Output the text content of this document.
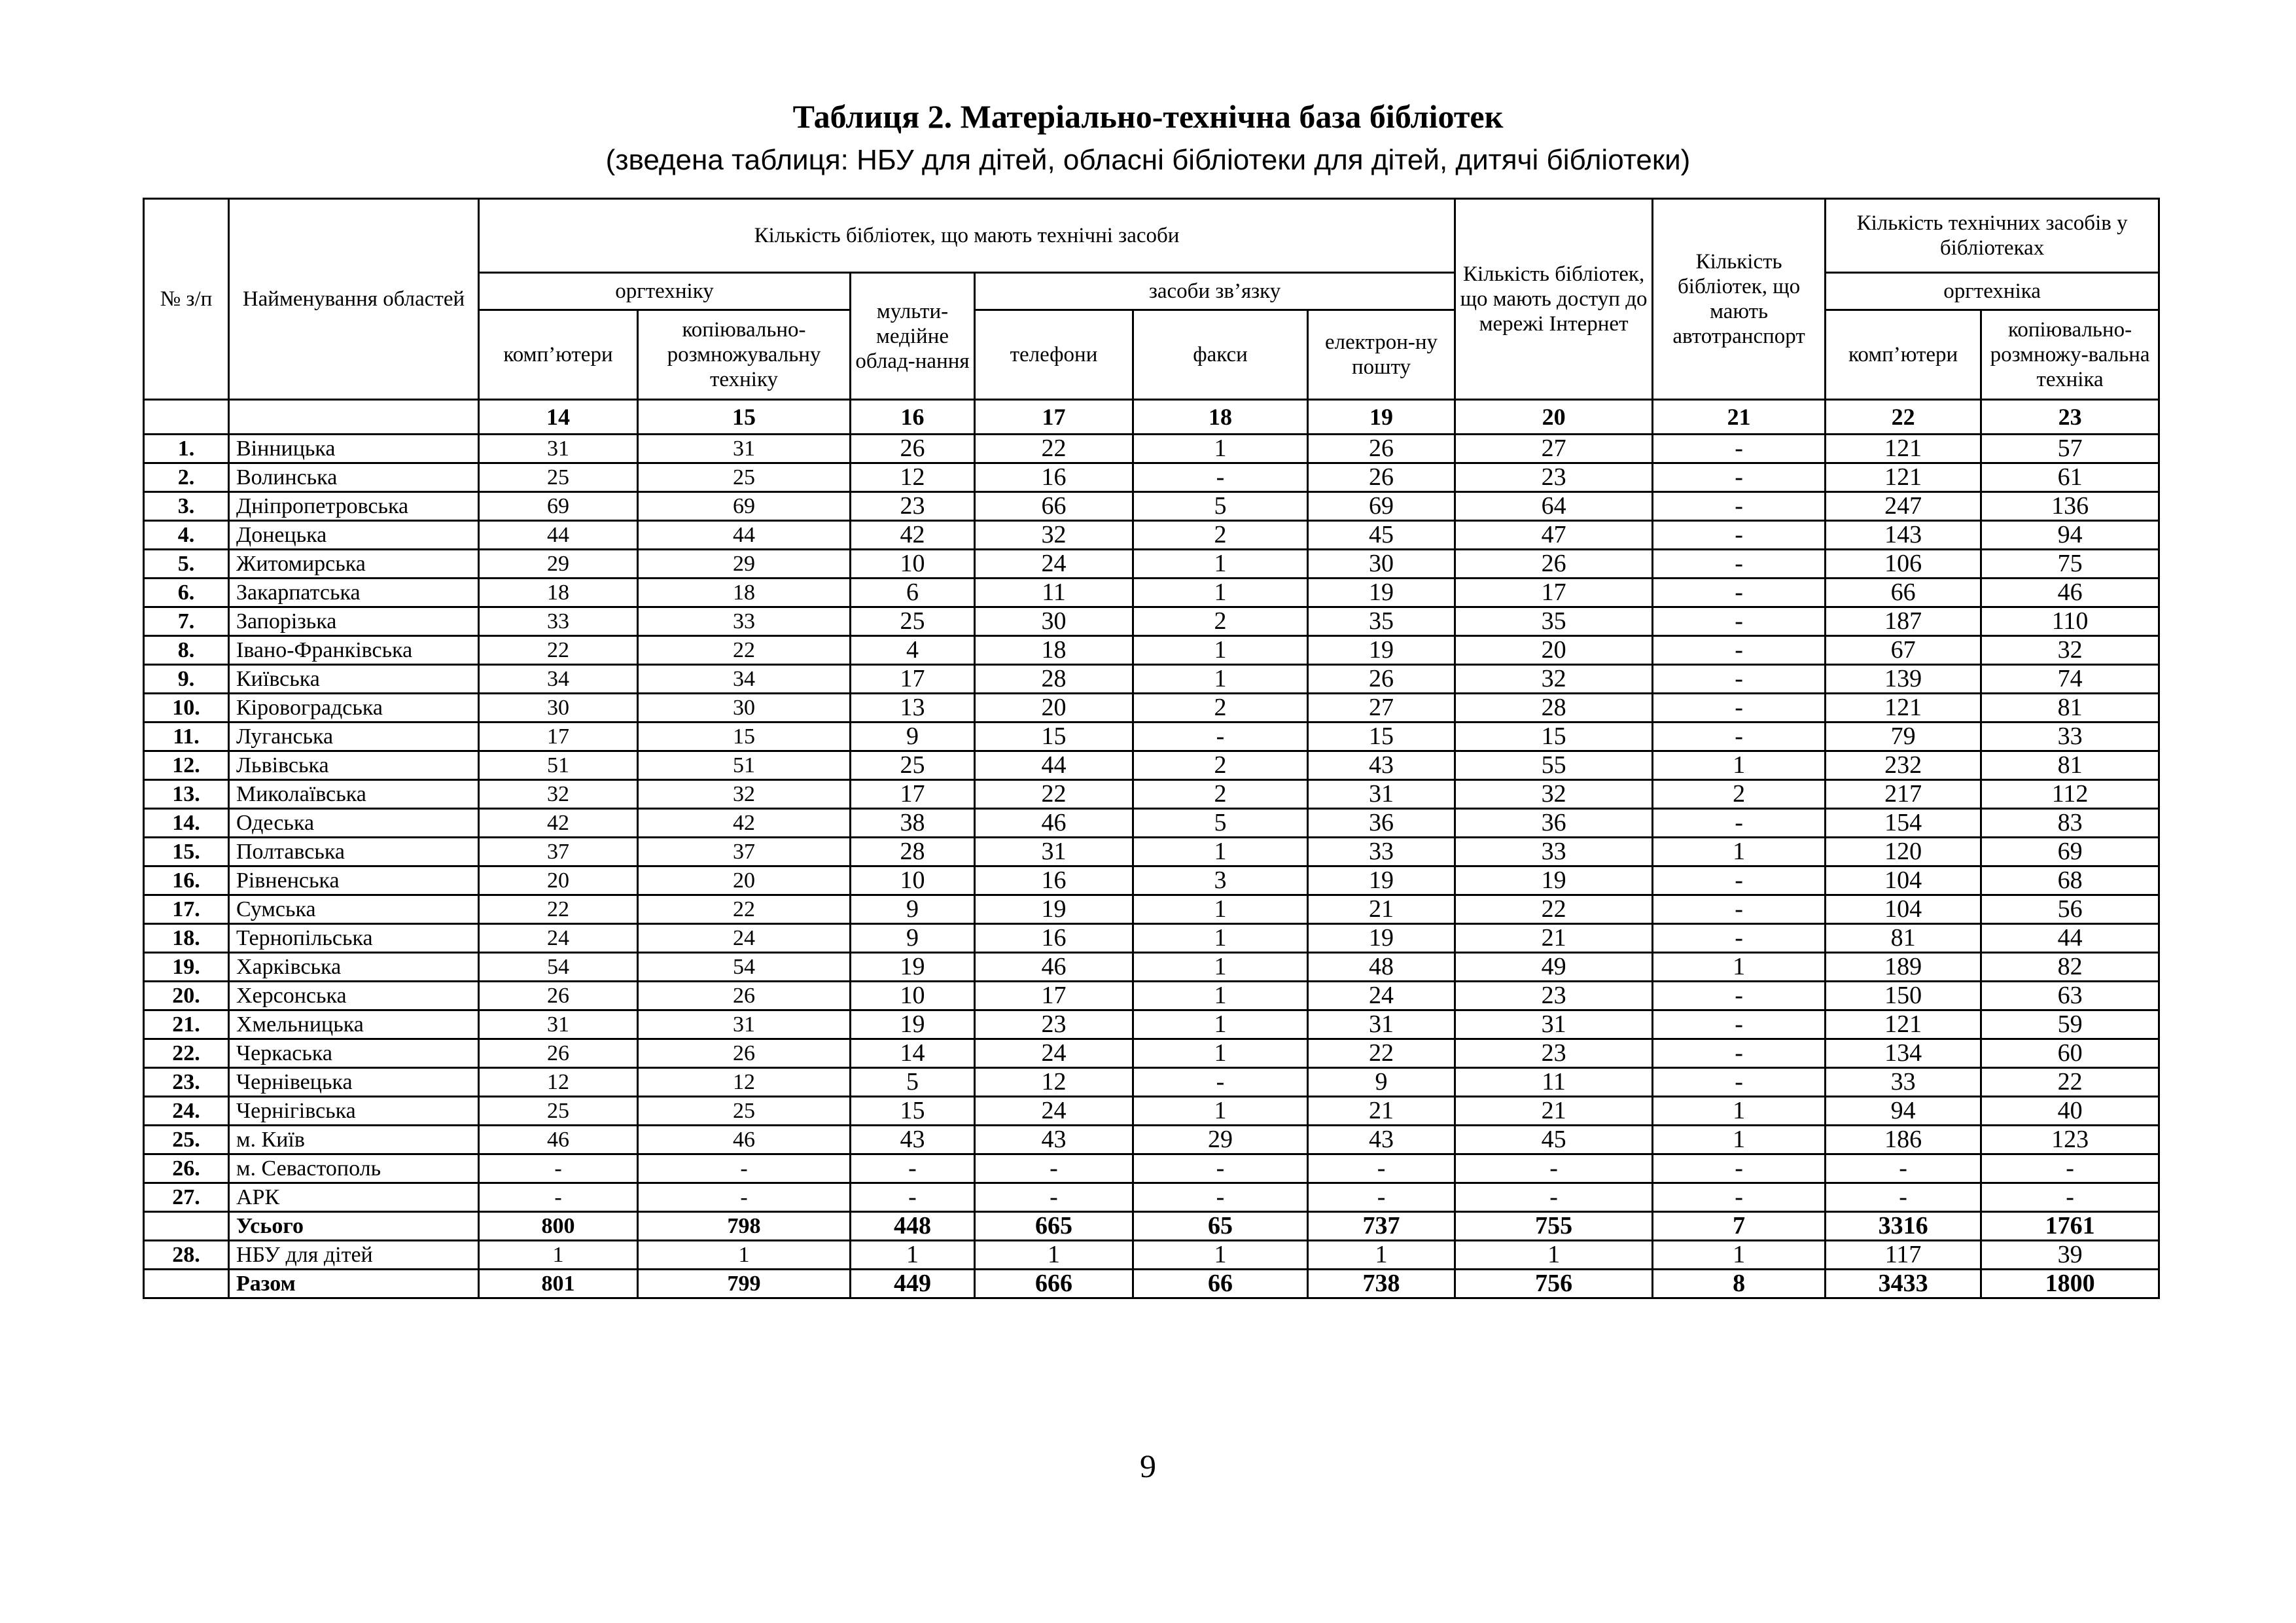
Таблиця 2. Матеріально-технічна база бібліотек
(зведена таблиця: НБУ для дітей, обласні бібліотеки для дітей, дитячі бібліотеки)
№ з/п	Найменування областей	Кількість бібліотек, що мають технічні засоби						Кількість бібліотек, що мають доступ до мережі Інтернет	Кількість бібліотек, що мають автотранспорт	Кількість технічних засобів у бібліотеках	
		оргтехніку		мульти-медійне облад-нання	засоби зв’язку					оргтехніка	
		комп’ютери	копіювально-розмножувальну техніку		телефони	факси	електрон-ну пошту			комп’ютери	копіювально-розмножу-вальна техніка
		14	15	16	17	18	19	20	21	22	23
1.	Вінницька	31	31	26	22	1	26	27	-	121	57
2.	Волинська	25	25	12	16	-	26	23	-	121	61
3.	Дніпропетровська	69	69	23	66	5	69	64	-	247	136
4.	Донецька	44	44	42	32	2	45	47	-	143	94
5.	Житомирська	29	29	10	24	1	30	26	-	106	75
6.	Закарпатська	18	18	6	11	1	19	17	-	66	46
7.	Запорізька	33	33	25	30	2	35	35	-	187	110
8.	Івано-Франківська	22	22	4	18	1	19	20	-	67	32
9.	Київська	34	34	17	28	1	26	32	-	139	74
10.	Кіровоградська	30	30	13	20	2	27	28	-	121	81
11.	Луганська	17	15	9	15	-	15	15	-	79	33
12.	Львівська	51	51	25	44	2	43	55	1	232	81
13.	Миколаївська	32	32	17	22	2	31	32	2	217	112
14.	Одеська	42	42	38	46	5	36	36	-	154	83
15.	Полтавська	37	37	28	31	1	33	33	1	120	69
16.	Рівненська	20	20	10	16	3	19	19	-	104	68
17.	Сумська	22	22	9	19	1	21	22	-	104	56
18.	Тернопільська	24	24	9	16	1	19	21	-	81	44
19.	Харківська	54	54	19	46	1	48	49	1	189	82
20.	Херсонська	26	26	10	17	1	24	23	-	150	63
21.	Хмельницька	31	31	19	23	1	31	31	-	121	59
22.	Черкаська	26	26	14	24	1	22	23	-	134	60
23.	Чернівецька	12	12	5	12	-	9	11	-	33	22
24.	Чернігівська	25	25	15	24	1	21	21	1	94	40
25.	м. Київ	46	46	43	43	29	43	45	1	186	123
26.	м. Севастополь	-	-	-	-	-	-	-	-	-	-
27.	АРК	-	-	-	-	-	-	-	-	-	-
	Усього	800	798	448	665	65	737	755	7	3316	1761
28.	НБУ для дітей	1	1	1	1	1	1	1	1	117	39
	Разом	801	799	449	666	66	738	756	8	3433	1800
9
